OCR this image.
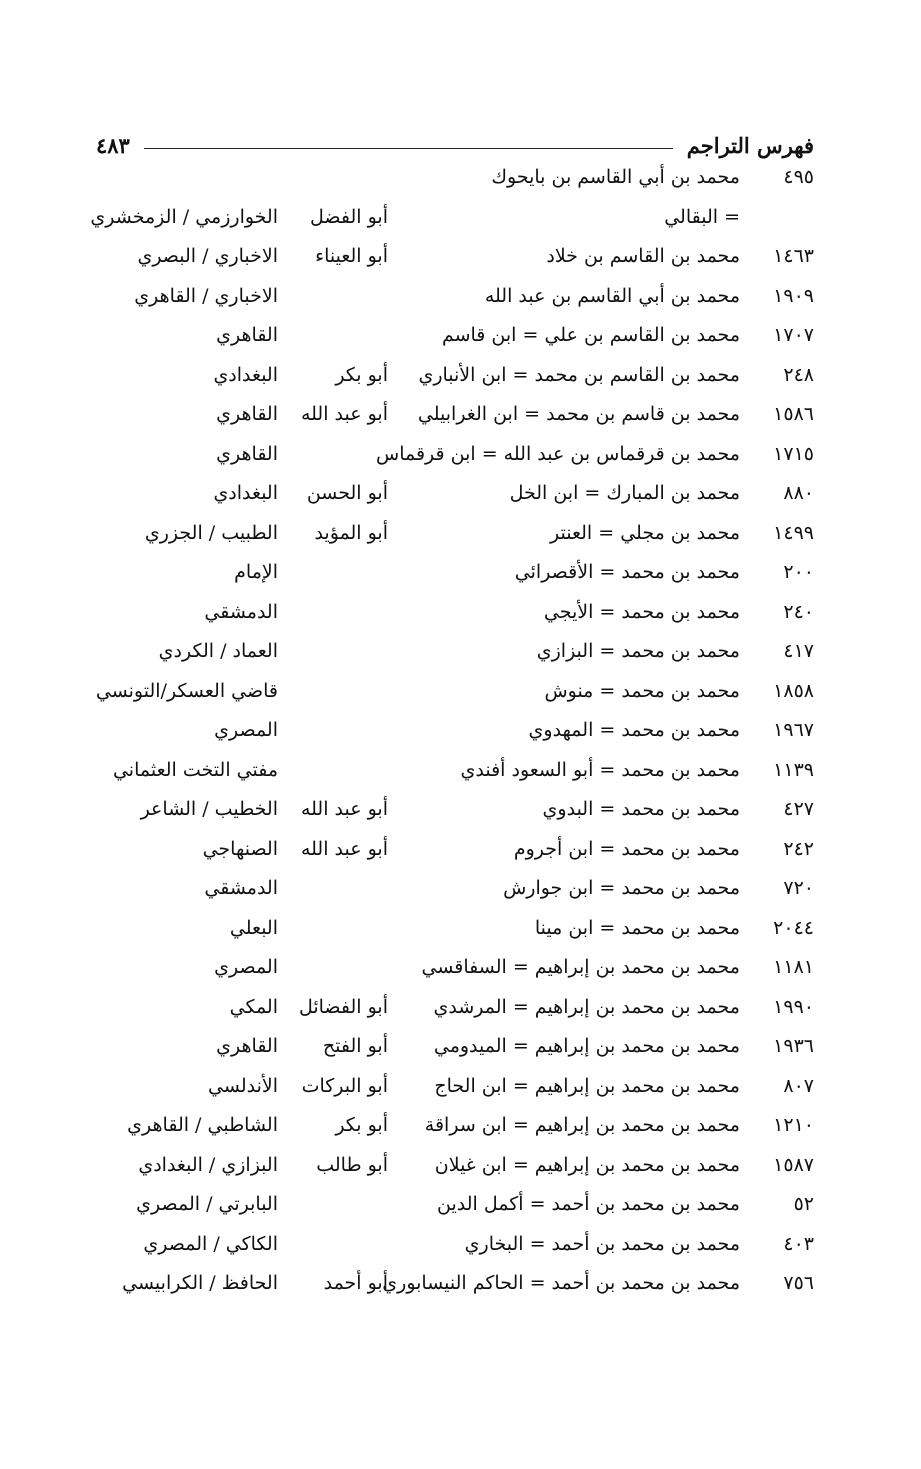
فهرس التراجم
٤٨٣
٤٩٥
محمد بن أبي القاسم بن بايحوك
= البقالي
أبو الفضل
الخوارزمي / الزمخشري
١٤٦٣
محمد بن القاسم بن خلاد
أبو العيناء
الاخباري / البصري
١٩٠٩
محمد بن أبي القاسم بن عبد الله
الاخباري / القاهري
١٧٠٧
محمد بن القاسم بن علي = ابن قاسم
القاهري
٢٤٨
محمد بن القاسم بن محمد = ابن الأنباري
أبو بكر
البغدادي
١٥٨٦
محمد بن قاسم بن محمد = ابن الغرابيلي
أبو عبد الله
القاهري
١٧١٥
محمد بن قرقماس بن عبد الله = ابن قرقماس
القاهري
٨٨٠
محمد بن المبارك = ابن الخل
أبو الحسن
البغدادي
١٤٩٩
محمد بن مجلي = العنتر
أبو المؤيد
الطبيب / الجزري
٢٠٠
محمد بن محمد = الأقصرائي
الإمام
٢٤٠
محمد بن محمد = الأيجي
الدمشقي
٤١٧
محمد بن محمد = البزازي
العماد / الكردي
١٨٥٨
محمد بن محمد = منوش
قاضي العسكر/التونسي
١٩٦٧
محمد بن محمد = المهدوي
المصري
١١٣٩
محمد بن محمد = أبو السعود أفندي
مفتي التخت العثماني
٤٢٧
محمد بن محمد = البدوي
أبو عبد الله
الخطيب / الشاعر
٢٤٢
محمد بن محمد = ابن أجروم
أبو عبد الله
الصنهاجي
٧٢٠
محمد بن محمد = ابن جوارش
الدمشقي
٢٠٤٤
محمد بن محمد = ابن مينا
البعلي
١١٨١
محمد بن محمد بن إبراهيم = السفاقسي
المصري
١٩٩٠
محمد بن محمد بن إبراهيم = المرشدي
أبو الفضائل
المكي
١٩٣٦
محمد بن محمد بن إبراهيم = الميدومي
أبو الفتح
القاهري
٨٠٧
محمد بن محمد بن إبراهيم = ابن الحاج
أبو البركات
الأندلسي
١٢١٠
محمد بن محمد بن إبراهيم = ابن سراقة
أبو بكر
الشاطبي / القاهري
١٥٨٧
محمد بن محمد بن إبراهيم = ابن غيلان
أبو طالب
البزازي / البغدادي
٥٢
محمد بن محمد بن أحمد = أكمل الدين
البابرتي / المصري
٤٠٣
محمد بن محمد بن أحمد = البخاري
الكاكي / المصري
٧٥٦
محمد بن محمد بن أحمد = الحاكم النيسابوري
أبو أحمد
الحافظ / الكرابيسي
